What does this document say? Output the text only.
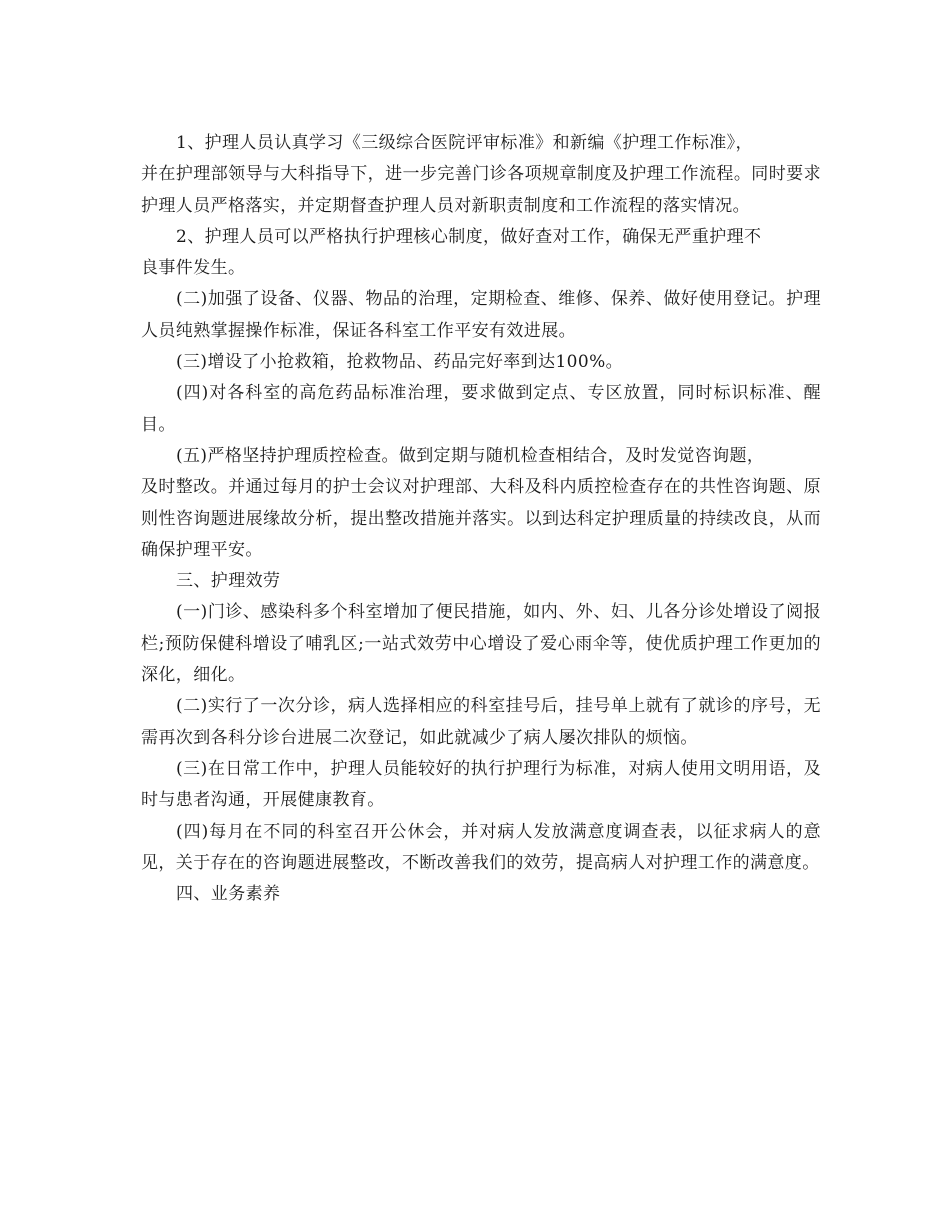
1、护理人员认真学习《三级综合医院评审标准》和新编《护理工作标准》，
并在护理部领导与大科指导下，进一步完善门诊各项规章制度及护理工作流程。同时要求护理人员严格落实，并定期督查护理人员对新职责制度和工作流程的落实情况。

2、护理人员可以严格执行护理核心制度，做好查对工作，确保无严重护理不
良事件发生。

(二)加强了设备、仪器、物品的治理，定期检查、维修、保养、做好使用登记。护理人员纯熟掌握操作标准，保证各科室工作平安有效进展。

(三)增设了小抢救箱，抢救物品、药品完好率到达100%。

(四)对各科室的高危药品标准治理，要求做到定点、专区放置，同时标识标准、醒目。

(五)严格坚持护理质控检查。做到定期与随机检查相结合，及时发觉咨询题，
及时整改。并通过每月的护士会议对护理部、大科及科内质控检查存在的共性咨询题、原则性咨询题进展缘故分析，提出整改措施并落实。以到达科定护理质量的持续改良，从而确保护理平安。

三、护理效劳

(一)门诊、感染科多个科室增加了便民措施，如内、外、妇、儿各分诊处增设了阅报栏;预防保健科增设了哺乳区;一站式效劳中心增设了爱心雨伞等，使优质护理工作更加的深化，细化。

(二)实行了一次分诊，病人选择相应的科室挂号后，挂号单上就有了就诊的序号，无需再次到各科分诊台进展二次登记，如此就减少了病人屡次排队的烦恼。

(三)在日常工作中，护理人员能较好的执行护理行为标准，对病人使用文明用语，及时与患者沟通，开展健康教育。

(四)每月在不同的科室召开公休会，并对病人发放满意度调查表，以征求病人的意见，关于存在的咨询题进展整改，不断改善我们的效劳，提高病人对护理工作的满意度。

四、业务素养
